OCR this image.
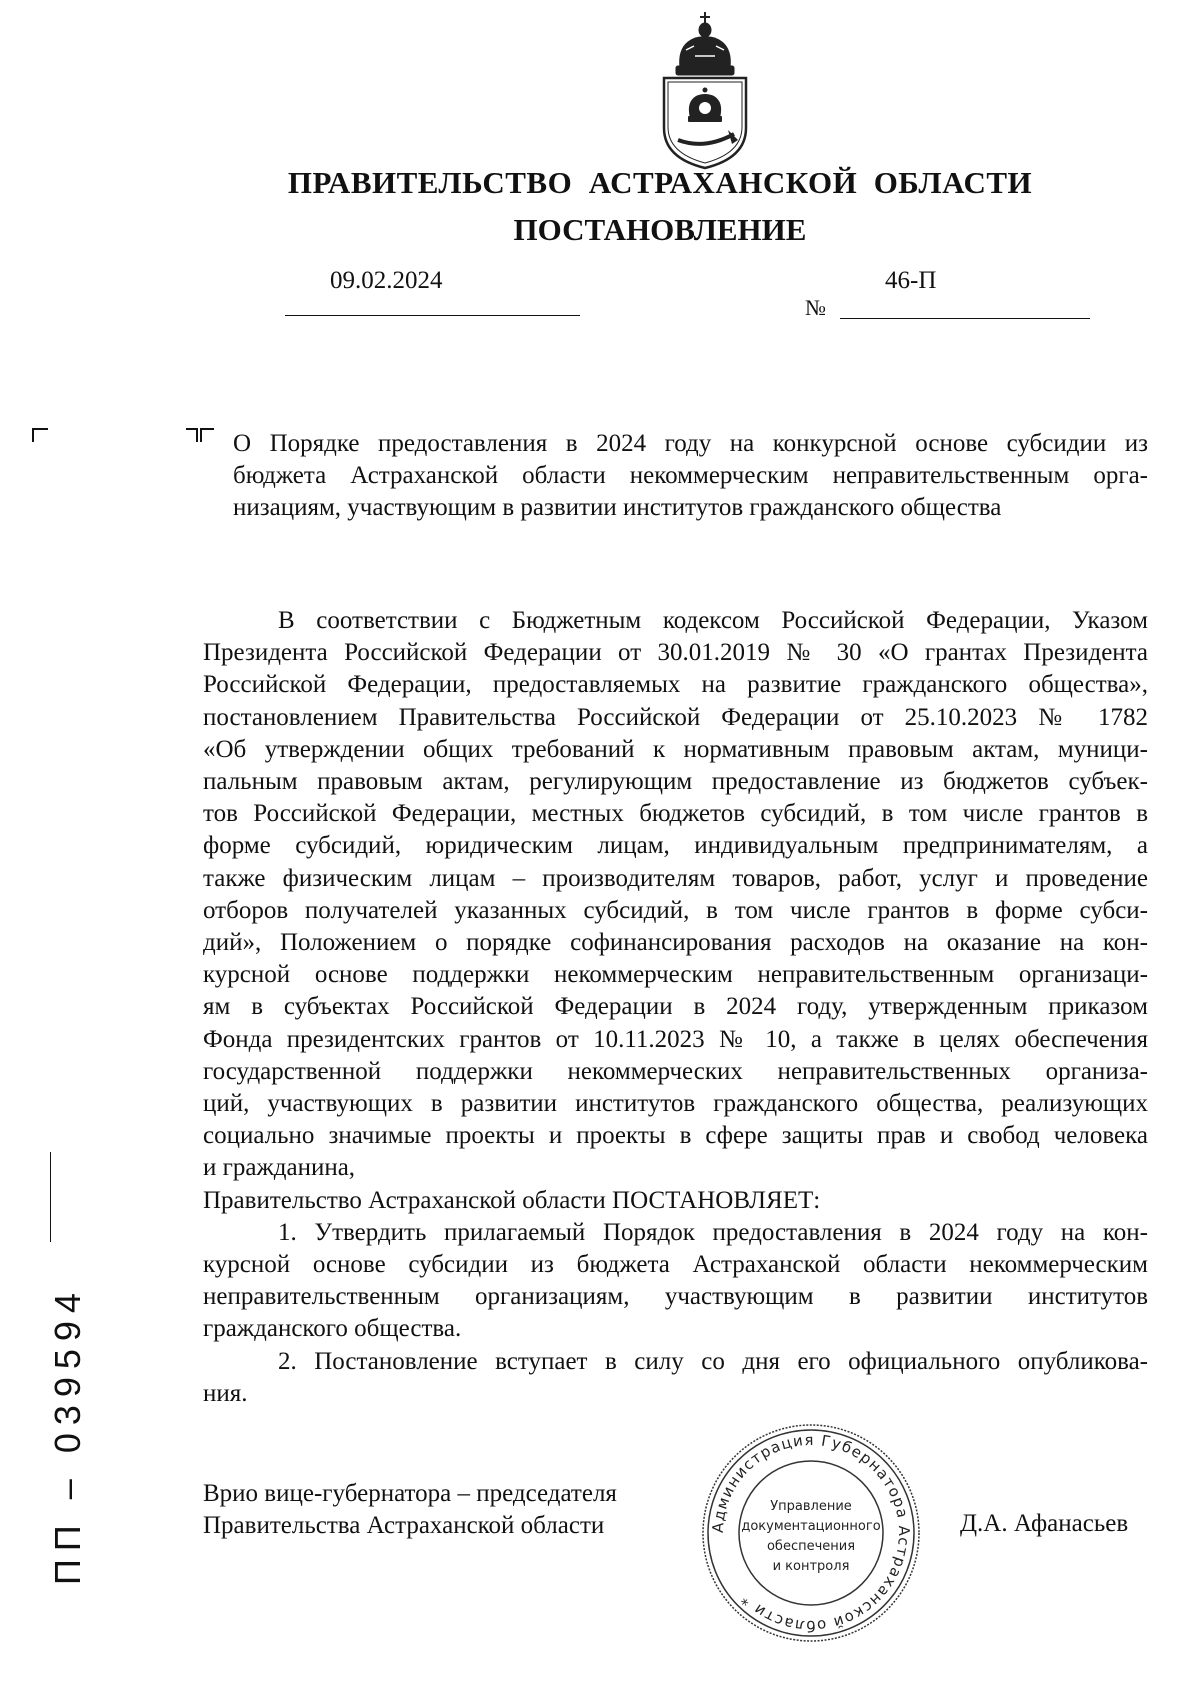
ПРАВИТЕЛЬСТВО  АСТРАХАНСКОЙ  ОБЛАСТИ
ПОСТАНОВЛЕНИЕ
09.02.2024
№
46-П
О Порядке предоставления в 2024 году на конкурсной основе субсидии из
бюджета Астраханской области некоммерческим неправительственным орга-
низациям, участвующим в развитии институтов гражданского общества
В соответствии с Бюджетным кодексом Российской Федерации, Указом
Президента Российской Федерации от 30.01.2019 № 30 «О грантах Президента
Российской Федерации, предоставляемых на развитие гражданского общества»,
постановлением Правительства Российской Федерации от 25.10.2023 № 1782
«Об утверждении общих требований к нормативным правовым актам, муници-
пальным правовым актам, регулирующим предоставление из бюджетов субъек-
тов Российской Федерации, местных бюджетов субсидий, в том числе грантов в
форме субсидий, юридическим лицам, индивидуальным предпринимателям, а
также физическим лицам – производителям товаров, работ, услуг и проведение
отборов получателей указанных субсидий, в том числе грантов в форме субси-
дий», Положением о порядке софинансирования расходов на оказание на кон-
курсной основе поддержки некоммерческим неправительственным организаци-
ям в субъектах Российской Федерации в 2024 году, утвержденным приказом
Фонда президентских грантов от 10.11.2023 № 10, а также в целях обеспечения
государственной поддержки некоммерческих неправительственных организа-
ций, участвующих в развитии институтов гражданского общества, реализующих
социально значимые проекты и проекты в сфере защиты прав и свобод человека
и гражданина,
Правительство Астраханской области ПОСТАНОВЛЯЕТ:
1. Утвердить прилагаемый Порядок предоставления в 2024 году на кон-
курсной основе субсидии из бюджета Астраханской области некоммерческим
неправительственным организациям, участвующим в развитии институтов
гражданского общества.
2. Постановление вступает в силу со дня его официального опубликова-
ния.
Врио вице-губернатора – председателя
Правительства Астраханской области	Администрация Губернатора Астраханской области *
Управление
документационного
обеспечения
и контроля
Д.А. Афанасьев
ПП – 039594
